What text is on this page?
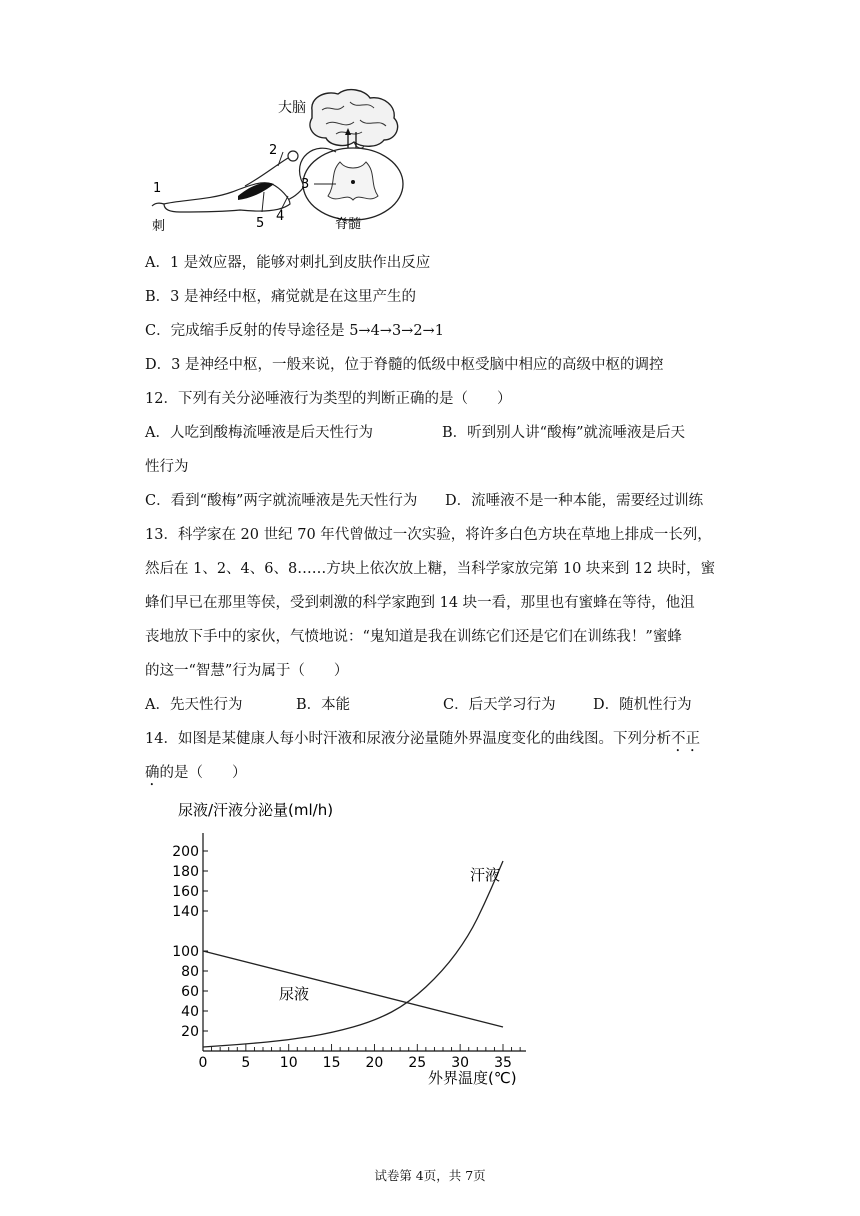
大脑
脊髓
刺
1
2
3
4
5
A．1 是效应器，能够对刺扎到皮肤作出反应
B．3 是神经中枢，痛觉就是在这里产生的
C．完成缩手反射的传导途径是 5→4→3→2→1
D．3 是神经中枢，一般来说，位于脊髓的低级中枢受脑中相应的高级中枢的调控
12．下列有关分泌唾液行为类型的判断正确的是（　　）
A．人吃到酸梅流唾液是后天性行为	B．听到别人讲“酸梅”就流唾液是后天
性行为
C．看到“酸梅”两字就流唾液是先天性行为 D．流唾液不是一种本能，需要经过训练
13．科学家在 20 世纪 70 年代曾做过一次实验，将许多白色方块在草地上排成一长列，
然后在 1、2、4、6、8……方块上依次放上糖，当科学家放完第 10 块来到 12 块时，蜜
蜂们早已在那里等侯，受到刺激的科学家跑到 14 块一看，那里也有蜜蜂在等待，他沮
丧地放下手中的家伙，气愤地说：“鬼知道是我在训练它们还是它们在训练我！”蜜蜂
的这一“智慧”行为属于（　　）
A．先天性行为	B．本能	C．后天学习行为	D．随机性行为
14．如图是某健康人每小时汗液和尿液分泌量随外界温度变化的曲线图。下列分析不正
确的是（　　）
尿液/汗液分泌量(ml/h)
20
40
60
80
100
140
160
180
200
0 5 10 15 20 25 30 35
尿液
汗液
外界温度(℃)
试卷第 4页，共 7页
